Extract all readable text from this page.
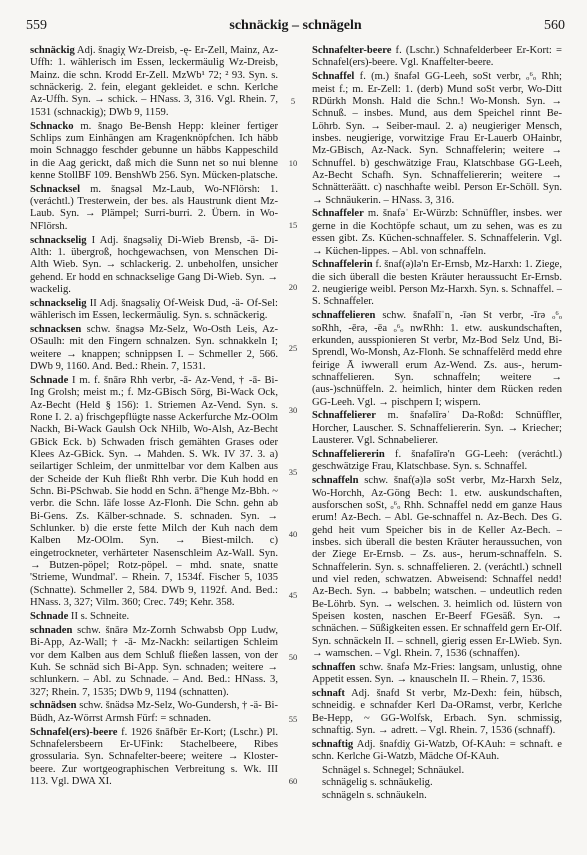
559	schnäckig – schnägeln	560
schnäckig Adj. šnagiχ Wz-Dreisb, -ę- Er-Zell, Mainz, Az-Uffh: 1. wählerisch im Essen, leckermäulig Wz-Dreisb, Mainz. die schn. Krodd Er-Zell. MzWb¹ 72; ² 93. Syn. s. schnäckerig. 2. fein, elegant gekleidet. e schn. Kerlche Az-Uffh. Syn. → schick. – HNass. 3, 316. Vgl. Rhein. 7, 1531 (schnackig); DWb 9, 1159.
Schnacko m. šnago Be-Bensh Hepp: kleiner fertiger Schlips zum Einhängen am Kragenknöpfchen. Ich häbb moin Schnaggo feschder gebunne un häbbs Kappeschild in die Aag gerickt, daß mich die Sunn net so nui blenne kenne StollBF 109. BenshWb 256. Syn. Mücken-platsche.
Schnacksel m. šnagsəl Mz-Laub, Wo-NFlörsh: 1. (veráchtl.) Tresterwein, der bes. als Haustrunk dient Mz-Laub. Syn. → Plämpel; Surri-burri. 2. Übern. in Wo-NFlörsh.
schnackselig I Adj. šnagsəliχ Di-Wieb Brensb, -ä- Di-Alth: 1. übergroß, hochgewachsen, von Menschen Di-Alth Wieb. Syn. → schlackerig. 2. unbeholfen, unsicher gehend. Er hodd en schnackselige Gang Di-Wieb. Syn. → wackelig.
schnackselig II Adj. šnagsəliχ Of-Weisk Dud, -ä- Of-Sel: wählerisch im Essen, leckermäulig. Syn. s. schnäckerig.
schnacksen schw. šnagsə Mz-Selz, Wo-Osth Leis, Az-OSaulh: mit den Fingern schnalzen. Syn. schnakkeln I; weitere → knappen; schnippsen I. – Schmeller 2, 566. DWb 9, 1160. And. Bed.: Rhein. 7, 1531.
Schnade I m. f. šnārə Rhh verbr, -ā- Az-Vend, † -ā- Bi-Ing Grolsh; meist m.; f. Mz-GBisch Sörg, Bi-Wack Ock, Az-Becht (Held § 156): 1. Striemen Az-Vend. Syn. s. Rone I. 2. a) frischgepflügte nasse Ackerfurche Mz-OOlm Nackh, Bi-Wack Gaulsh Ock NHilb, Wo-Alsh, Az-Becht GBick Eck. b) Schwaden frisch gemähten Grases oder Klees Az-GBick. Syn. → Mahden. S. Wk. IV 37. 3. a) seilartiger Schleim, der unmittelbar vor dem Kalben aus der Scheide der Kuh fließt Rhh verbr. Die Kuh hodd en Schn. Bi-PSchwab. Sie hodd en Schn. ā°henge Mz-Bbh. ~ verbr. die Schn. läfe losse Az-Flonh. Die Schn. gehn ab Bi-Gens. Zs. Kälber-schnade. S. schnaden. Syn. → Schlunker. b) die erste fette Milch der Kuh nach dem Kalben Mz-OOlm. Syn. → Biest-milch. c) eingetrockneter, verhärteter Nasenschleim Az-Wall. Syn. → Butzen-pöpel; Rotz-pöpel. – mhd. snate, snatte 'Strieme, Wundmal'. – Rhein. 7, 1534f. Fischer 5, 1035 (Schnatte). Schmeller 2, 584. DWb 9, 1192f. And. Bed.: HNass. 3, 327; Vilm. 360; Crec. 749; Kehr. 358.
Schnade II s. Schneite.
schnaden schw. šnārə Mz-Zornh Schwabsb Opp Ludw, Bi-App, Az-Wall; † -ā- Mz-Nackh: seilartigen Schleim vor dem Kalben aus dem Schluß fließen lassen, von der Kuh. Se schnäd sich Bi-App. Syn. schnaden; weitere → schlunkern. – Abl. zu Schnade. – And. Bed.: HNass. 3, 327; Rhein. 7, 1535; DWb 9, 1194 (schnatten).
schnädsen schw. šnädsə Mz-Selz, Wo-Gundersh, † -ä- Bi-Büdh, Az-Wörrst Armsh Fürf: = schnaden.
Schnafel(ers)-beere f. 1926 šnāfbēr Er-Kort; (Lschr.) Pl. Schnafelersbeern Er-UFink: Stachelbeere, Ribes grossularia. Syn. Schnafelter-beere; weitere → Kloster-beere. Zur wortgeographischen Verbreitung s. Wk. III 113. Vgl. DWA XI.
5
10
15
20
25
30
35
40
45
50
55
60
Schnafelter-beere f. (Lschr.) Schnafelderbeer Er-Kort: = Schnafel(ers)-beere. Vgl. Knaffelter-beere.
Schnaffel f. (m.) šnafəl GG-Leeh, soSt verbr, ₒ⁶ₒ Rhh; meist f.; m. Er-Zell: 1. (derb) Mund soSt verbr, Wo-Ditt RDürkh Monsh. Hald die Schn.! Wo-Monsh. Syn. → Schnuß. – insbes. Mund, aus dem Speichel rinnt Be-Löhrb. Syn. → Seiber-maul. 2. a) neugieriger Mensch, insbes. neugierige, vorwitzige Frau Er-Lauerb OHainbr, Mz-GBisch, Az-Nack. Syn. Schnaffelerin; weitere → Schnuffel. b) geschwätzige Frau, Klatschbase GG-Leeh, Az-Becht Schafh. Syn. Schnaffeliererin; weitere → Schnätteräätt. c) naschhafte weibl. Person Er-Schöll. Syn. → Schnäukerin. – HNass. 3, 316.
Schnaffeler m. šnafəˈ Er-Würzb: Schnüffler, insbes. wer gerne in die Kochtöpfe schaut, um zu sehen, was es zu essen gibt. Zs. Küchen-schnaffeler. S. Schnaffelerin. Vgl. → Küchen-lippes. – Abl. von schnaffeln.
Schnaffelerin f. šnaf(ə)lə'n Er-Ernsb, Mz-Harxh: 1. Ziege, die sich überall die besten Kräuter heraussucht Er-Ernsb. 2. neugierige weibl. Person Mz-Harxh. Syn. s. Schnaffel. – S. Schnaffeler.
schnaffelieren schw. šnafəlīˈn, -īən St verbr, -īrə ₒ⁶ₒ soRhh, -ērə, -ēa ₒ⁶ₒ nwRhh: 1. etw. auskundschaften, erkunden, ausspionieren St verbr, Mz-Bod Selz Und, Bi-Sprendl, Wo-Monsh, Az-Flonh. Se schnaffelērd medd ehre feirige Ā iwwerall erum Az-Wend. Zs. aus-, herum-schnaffelieren. Syn. schnaffeln; weitere → (aus-)schnüffeln. 2. heimlich, hinter dem Rücken reden GG-Leeh. Vgl. → pischpern I; wispern.
Schnaffelierer m. šnafəlīrəˈ Da-Roßd: Schnüffler, Horcher, Lauscher. S. Schnaffeliererin. Syn. → Kriecher; Lausterer. Vgl. Schnabelierer.
Schnaffeliererin f. šnafəlīrə'n GG-Leeh: (veráchtl.) geschwätzige Frau, Klatschbase. Syn. s. Schnaffel.
schnaffeln schw. šnaf(ə)lə soSt verbr, Mz-Harxh Selz, Wo-Horchh, Az-Göng Bech: 1. etw. auskundschaften, ausforschen soSt, ₒ⁶ₒ Rhh. Schnaffel nedd em ganze Haus erum! Az-Bech. – Abl. Ge-schnaffel n. Az-Bech. Des G. gehd heit vum Speicher bis in de Keller Az-Bech. – insbes. sich überall die besten Kräuter heraussuchen, von der Ziege Er-Ernsb. – Zs. aus-, herum-schnaffeln. S. Schnaffelerin. Syn. s. schnaffelieren. 2. (veráchtl.) schnell und viel reden, schwatzen. Abweisend: Schnaffel nedd! Az-Bech. Syn. → babbeln; watschen. – undeutlich reden Be-Löhrb. Syn. → welschen. 3. heimlich od. lüstern von Speisen kosten, naschen Er-Beerf FGesäß. Syn. → schnächen. – Süßigkeiten essen. Er schnaffeld gern Er-Olf. Syn. schnäckeln II. – schnell, gierig essen Er-LWieb. Syn. → wamschen. – Vgl. Rhein. 7, 1536 (schnaffen).
schnaffen schw. šnafə Mz-Fries: langsam, unlustig, ohne Appetit essen. Syn. → knauscheln II. – Rhein. 7, 1536.
schnaft Adj. šnafd St verbr, Mz-Dexh: fein, hübsch, schneidig. e schnafder Kerl Da-ORamst, verbr, Kerlche Be-Hepp, ~ GG-Wolfsk, Erbach. Syn. schmissig, schnaftig. Syn. → adrett. – Vgl. Rhein. 7, 1536 (schnaff).
schnaftig Adj. šnafdiχ Gi-Watzb, Of-KAuh: = schnaft. e schn. Kerlche Gi-Watzb, Mädche Of-KAuh.
Schnägel s. Schnegel; Schnäukel.
schnägelig s. schnäukelig.
schnägeln s. schnäukeln.
